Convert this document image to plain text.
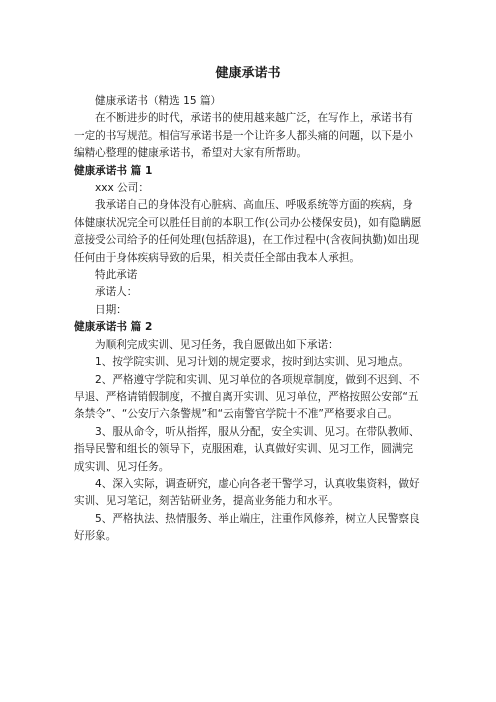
健康承诺书

健康承诺书（精选 15 篇）

在不断进步的时代，承诺书的使用越来越广泛，在写作上，承诺书有一定的书写规范。相信写承诺书是一个让许多人都头痛的问题，以下是小编精心整理的健康承诺书，希望对大家有所帮助。

健康承诺书 篇 1

xxx 公司：

我承诺自己的身体没有心脏病、高血压、呼吸系统等方面的疾病，身体健康状况完全可以胜任目前的本职工作(公司办公楼保安员)，如有隐瞒愿意接受公司给予的任何处理(包括辞退)，在工作过程中(含夜间执勤)如出现任何由于身体疾病导致的后果，相关责任全部由我本人承担。

特此承诺

承诺人：

日期：

健康承诺书 篇 2

为顺利完成实训、见习任务，我自愿做出如下承诺：

1、按学院实训、见习计划的规定要求，按时到达实训、见习地点。

2、严格遵守学院和实训、见习单位的各项规章制度，做到不迟到、不早退、严格请销假制度，不擅自离开实训、见习单位，严格按照公安部“五条禁令”、“公安厅六条警规”和“云南警官学院十不准”严格要求自己。

3、服从命令，听从指挥，服从分配，安全实训、见习。在带队教师、指导民警和组长的领导下，克服困难，认真做好实训、见习工作，圆满完成实训、见习任务。

4、深入实际，调查研究，虚心向各老干警学习，认真收集资料，做好实训、见习笔记，刻苦钻研业务，提高业务能力和水平。

5、严格执法、热情服务、举止端庄，注重作风修养，树立人民警察良好形象。
